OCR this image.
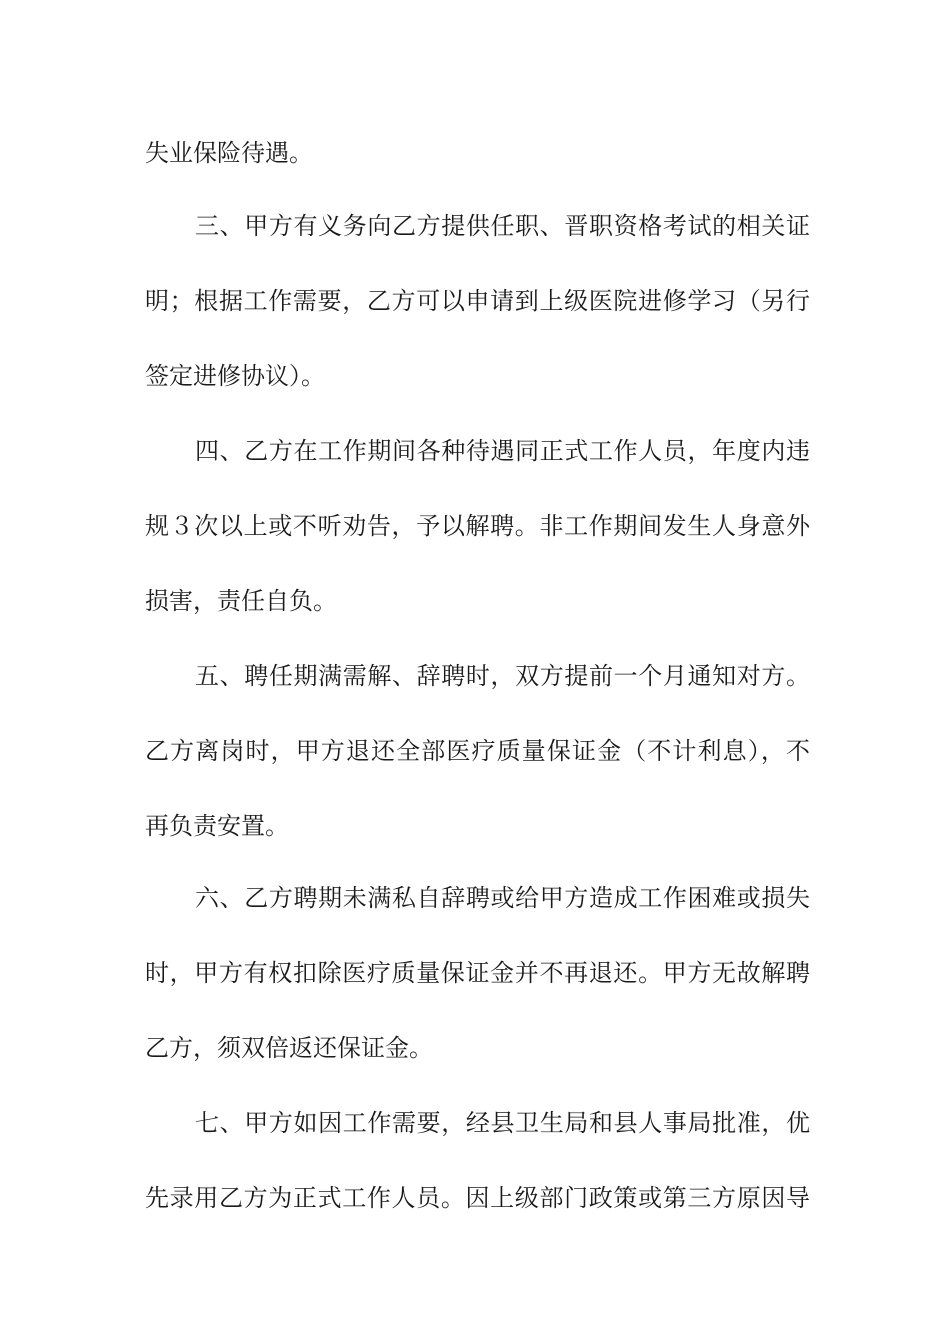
失业保险待遇。
三、甲方有义务向乙方提供任职、晋职资格考试的相关证
明；根据工作需要，乙方可以申请到上级医院进修学习（另行
签定进修协议）。
四、乙方在工作期间各种待遇同正式工作人员，年度内违
规３次以上或不听劝告，予以解聘。非工作期间发生人身意外
损害，责任自负。
五、聘任期满需解、辞聘时，双方提前一个月通知对方。
乙方离岗时，甲方退还全部医疗质量保证金（不计利息），不
再负责安置。
六、乙方聘期未满私自辞聘或给甲方造成工作困难或损失
时，甲方有权扣除医疗质量保证金并不再退还。甲方无故解聘
乙方，须双倍返还保证金。
七、甲方如因工作需要，经县卫生局和县人事局批准，优
先录用乙方为正式工作人员。因上级部门政策或第三方原因导
